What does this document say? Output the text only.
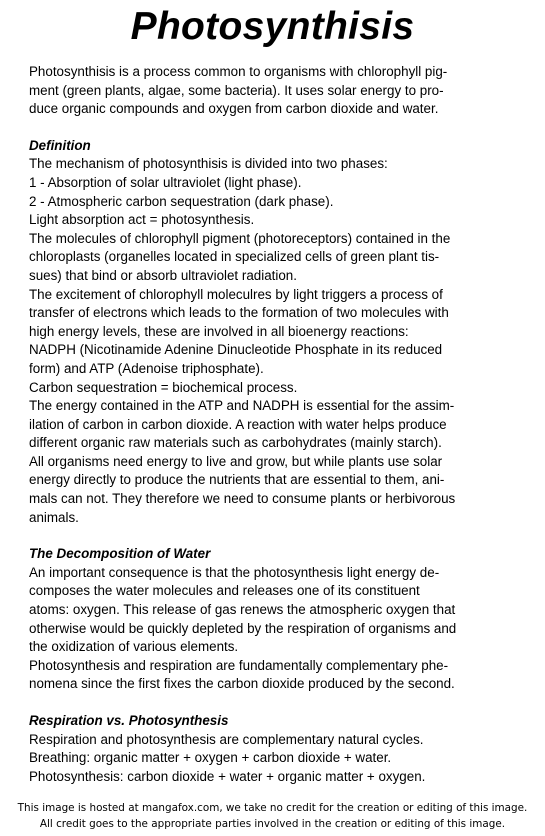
Photosynthisis

Photosynthisis is a process common to organisms with chlorophyll pig-

ment (green plants, algae, some bacteria). It uses solar energy to pro-

duce organic compounds and oxygen from carbon dioxide and water.

Definition

The mechanism of photosynthisis is divided into two phases:

1 - Absorption of solar ultraviolet (light phase).

2 - Atmospheric carbon sequestration (dark phase).

Light absorption act = photosynthesis.

The molecules of chlorophyll pigment (photoreceptors) contained in the

chloroplasts (organelles located in specialized cells of green plant tis-

sues) that bind or absorb ultraviolet radiation.

The excitement of chlorophyll moleculres by light triggers a process of

transfer of electrons which leads to the formation of two molecules with

high energy levels, these are involved in all bioenergy reactions:

NADPH (Nicotinamide Adenine Dinucleotide Phosphate in its reduced

form) and ATP (Adenoise triphosphate).

Carbon sequestration = biochemical process.

The energy contained in the ATP and NADPH is essential for the assim-

ilation of carbon in carbon dioxide. A reaction with water helps produce

different organic raw materials such as carbohydrates (mainly starch).

All organisms need energy to live and grow, but while plants use solar

energy directly to produce the nutrients that are essential to them, ani-

mals can not. They therefore we need to consume plants or herbivorous

animals.

The Decomposition of Water

An important consequence is that the photosynthesis light energy de-

composes the water molecules and releases one of its constituent

atoms: oxygen. This release of gas renews the atmospheric oxygen that

otherwise would be quickly depleted by the respiration of organisms and

the oxidization of various elements.

Photosynthesis and respiration are fundamentally complementary phe-

nomena since the first fixes the carbon dioxide produced by the second.

Respiration vs. Photosynthesis

Respiration and photosynthesis are complementary natural cycles.

Breathing: organic matter + oxygen + carbon dioxide + water.

Photosynthesis: carbon dioxide + water + organic matter + oxygen.

This image is hosted at mangafox.com, we take no credit for the creation or editing of this image.
All credit goes to the appropriate parties involved in the creation or editing of this image.
